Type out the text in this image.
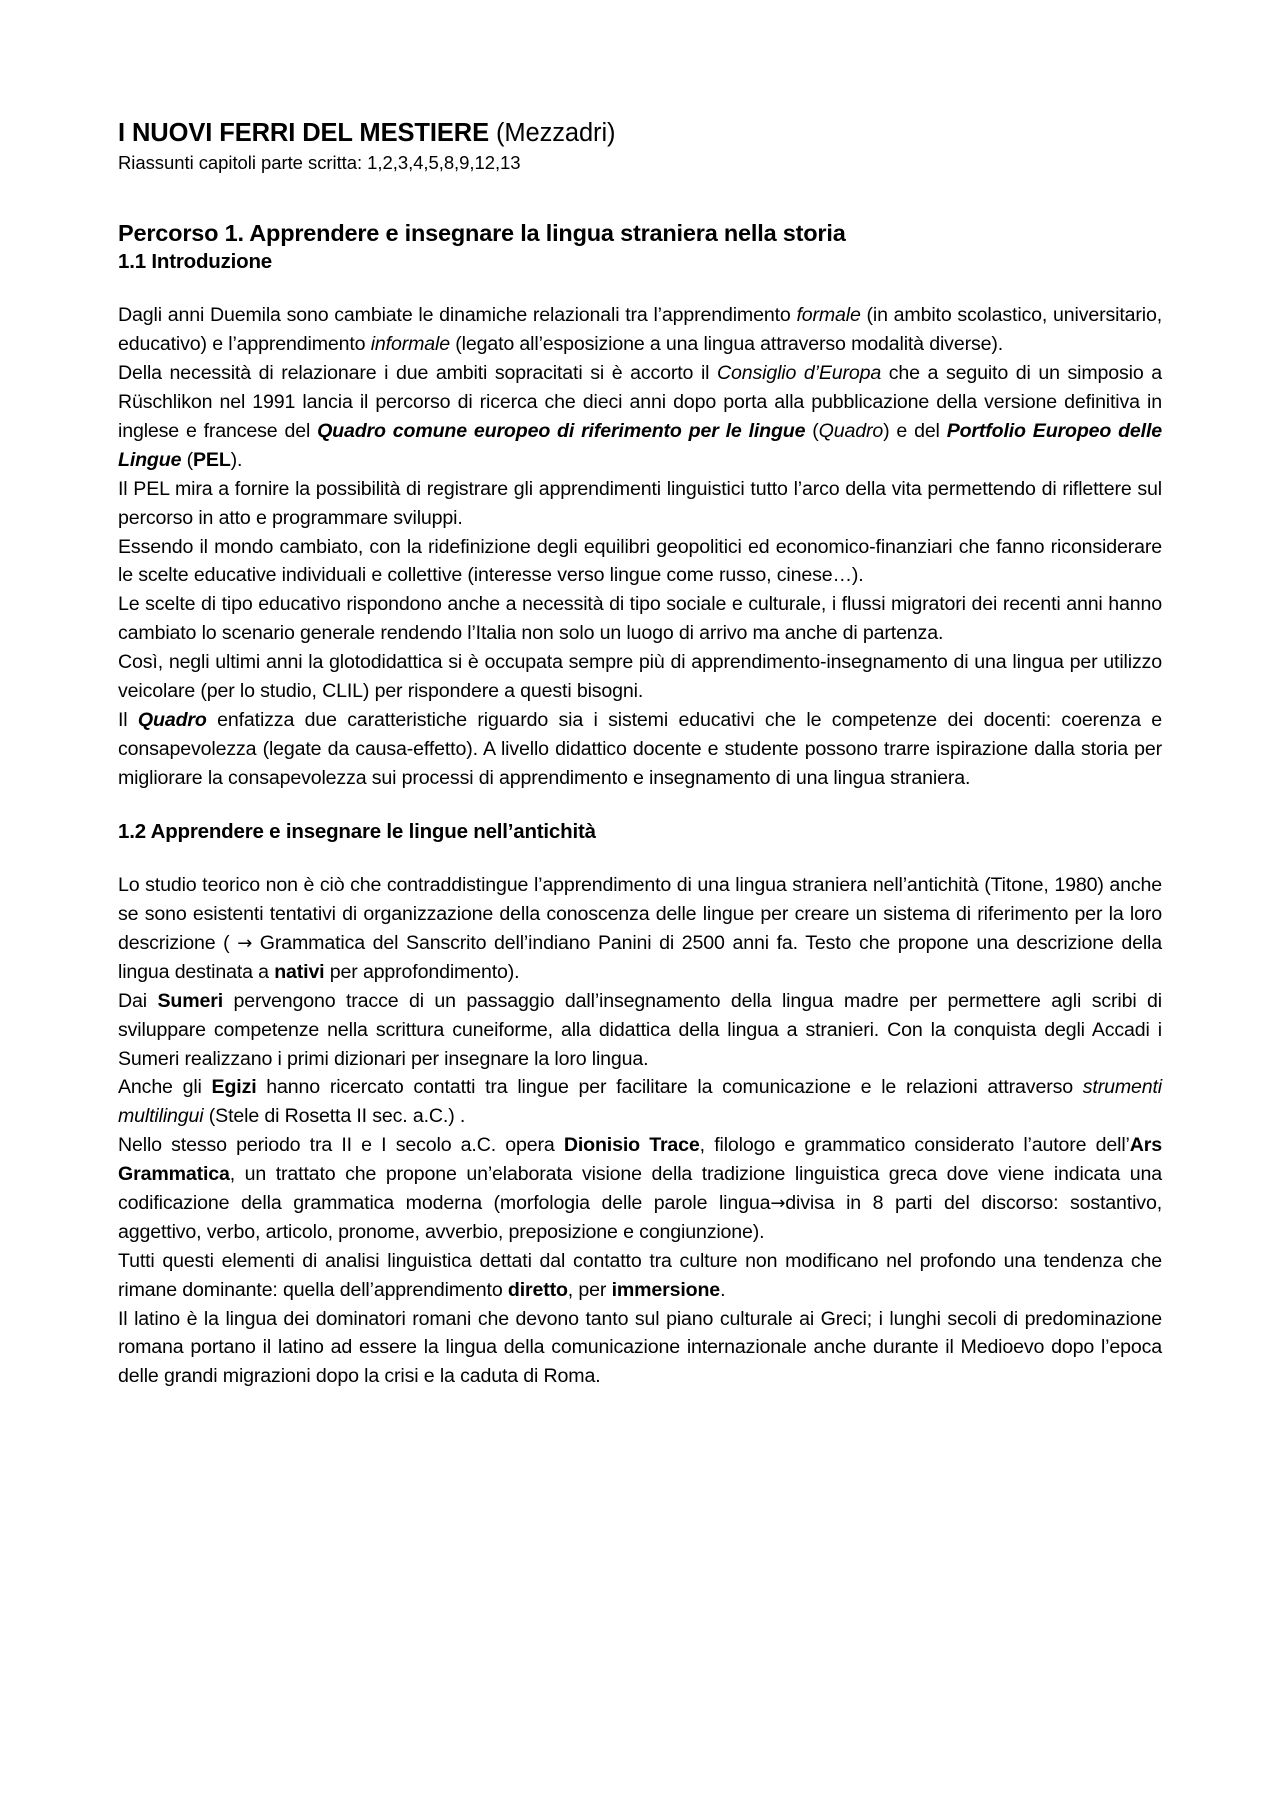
I NUOVI FERRI DEL MESTIERE (Mezzadri)
Riassunti capitoli parte scritta: 1,2,3,4,5,8,9,12,13
Percorso 1. Apprendere e insegnare la lingua straniera nella storia
1.1 Introduzione

Dagli anni Duemila sono cambiate le dinamiche relazionali tra l’apprendimento formale (in ambito scolastico, universitario, educativo) e l’apprendimento informale (legato all’esposizione a una lingua attraverso modalità diverse).

Della necessità di relazionare i due ambiti sopracitati si è accorto il Consiglio d’Europa che a seguito di un simposio a Rüschlikon nel 1991 lancia il percorso di ricerca che dieci anni dopo porta alla pubblicazione della versione definitiva in inglese e francese del Quadro comune europeo di riferimento per le lingue (Quadro) e del Portfolio Europeo delle Lingue (PEL).

Il PEL mira a fornire la possibilità di registrare gli apprendimenti linguistici tutto l’arco della vita permettendo di riflettere sul percorso in atto e programmare sviluppi.

Essendo il mondo cambiato, con la ridefinizione degli equilibri geopolitici ed economico-finanziari che fanno riconsiderare le scelte educative individuali e collettive (interesse verso lingue come russo, cinese…).

Le scelte di tipo educativo rispondono anche a necessità di tipo sociale e culturale, i flussi migratori dei recenti anni hanno cambiato lo scenario generale rendendo l’Italia non solo un luogo di arrivo ma anche di partenza.

Così, negli ultimi anni la glotodidattica si è occupata sempre più di apprendimento-insegnamento di una lingua per utilizzo veicolare (per lo studio, CLIL) per rispondere a questi bisogni.

Il Quadro enfatizza due caratteristiche riguardo sia i sistemi educativi che le competenze dei docenti: coerenza e consapevolezza (legate da causa-effetto). A livello didattico docente e studente possono trarre ispirazione dalla storia per migliorare la consapevolezza sui processi di apprendimento e insegnamento di una lingua straniera.

1.2 Apprendere e insegnare le lingue nell’antichità

Lo studio teorico non è ciò che contraddistingue l’apprendimento di una lingua straniera nell’antichità (Titone, 1980) anche se sono esistenti tentativi di organizzazione della conoscenza delle lingue per creare un sistema di riferimento per la loro descrizione ( → Grammatica del Sanscrito dell’indiano Panini di 2500 anni fa. Testo che propone una descrizione della lingua destinata a nativi per approfondimento).

Dai Sumeri pervengono tracce di un passaggio dall’insegnamento della lingua madre per permettere agli scribi di sviluppare competenze nella scrittura cuneiforme, alla didattica della lingua a stranieri. Con la conquista degli Accadi i Sumeri realizzano i primi dizionari per insegnare la loro lingua.

Anche gli Egizi hanno ricercato contatti tra lingue per facilitare la comunicazione e le relazioni attraverso strumenti multilingui (Stele di Rosetta II sec. a.C.) .

Nello stesso periodo tra II e I secolo a.C. opera Dionisio Trace, filologo e grammatico considerato l’autore dell’Ars Grammatica, un trattato che propone un’elaborata visione della tradizione linguistica greca dove viene indicata una codificazione della grammatica moderna (morfologia delle parole lingua→divisa in 8 parti del discorso: sostantivo, aggettivo, verbo, articolo, pronome, avverbio, preposizione e congiunzione).

Tutti questi elementi di analisi linguistica dettati dal contatto tra culture non modificano nel profondo una tendenza che rimane dominante: quella dell’apprendimento diretto, per immersione.

Il latino è la lingua dei dominatori romani che devono tanto sul piano culturale ai Greci; i lunghi secoli di predominazione romana portano il latino ad essere la lingua della comunicazione internazionale anche durante il Medioevo dopo l’epoca delle grandi migrazioni dopo la crisi e la caduta di Roma.
